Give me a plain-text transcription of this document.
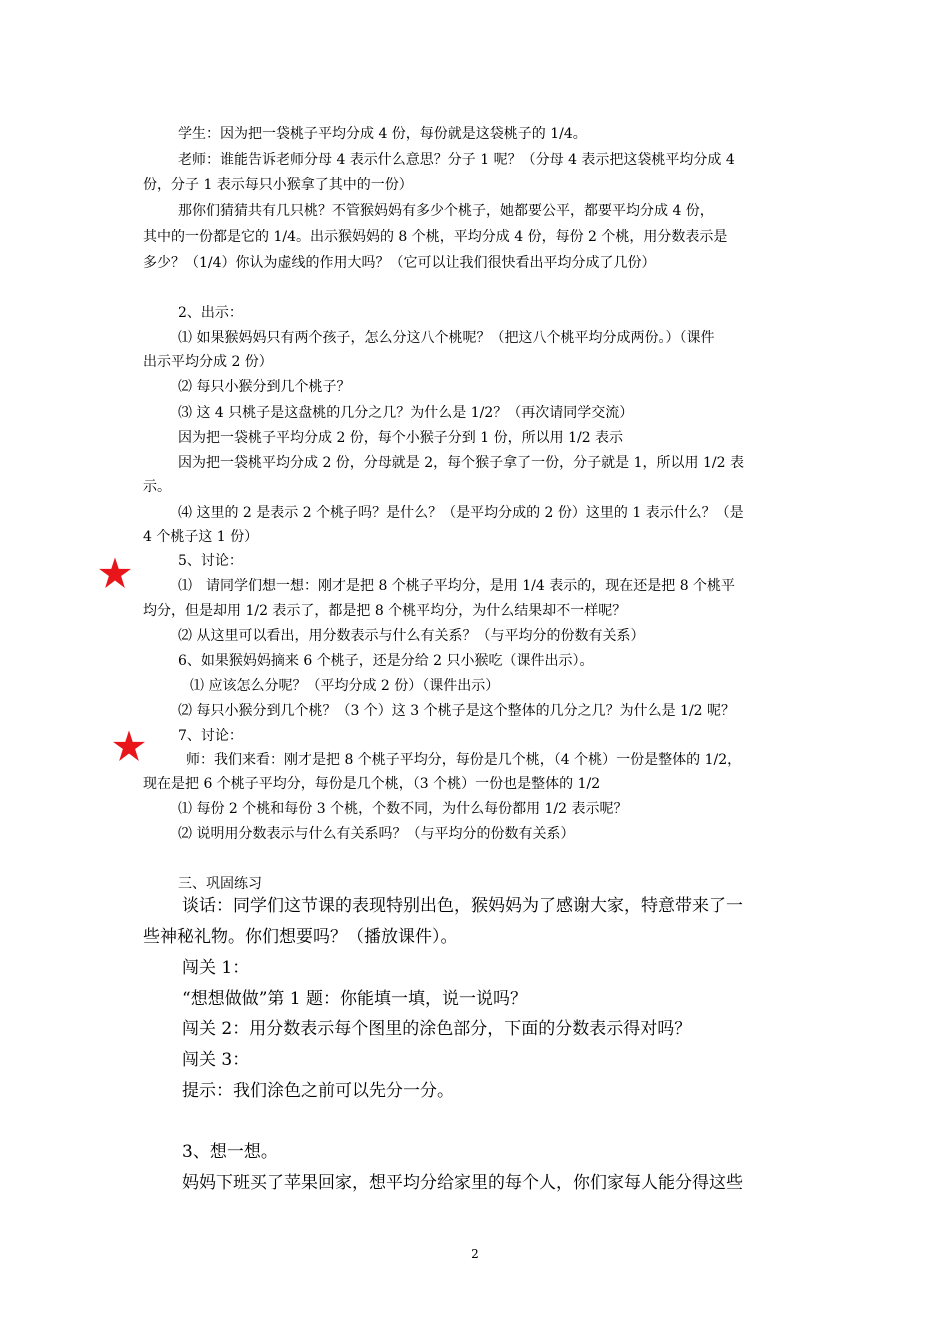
学生：因为把一袋桃子平均分成 4 份，每份就是这袋桃子的 1/4。
老师：谁能告诉老师分母 4 表示什么意思？分子 1 呢？（分母 4 表示把这袋桃平均分成 4
份，分子 1 表示每只小猴拿了其中的一份）
那你们猜猜共有几只桃？不管猴妈妈有多少个桃子，她都要公平，都要平均分成 4 份，
其中的一份都是它的 1/4。出示猴妈妈的 8 个桃，平均分成 4 份，每份 2 个桃，用分数表示是
多少？（1/4）你认为虚线的作用大吗？（它可以让我们很快看出平均分成了几份）
2、出示：
⑴ 如果猴妈妈只有两个孩子，怎么分这八个桃呢？（把这八个桃平均分成两份。）（课件
出示平均分成 2 份）
⑵ 每只小猴分到几个桃子？
⑶ 这 4 只桃子是这盘桃的几分之几？为什么是 1/2？（再次请同学交流）
因为把一袋桃子平均分成 2 份，每个小猴子分到 1 份，所以用 1/2 表示
因为把一袋桃平均分成 2 份，分母就是 2，每个猴子拿了一份，分子就是 1，所以用 1/2 表
示。
⑷ 这里的 2 是表示 2 个桃子吗？是什么？（是平均分成的 2 份）这里的 1 表示什么？（是
4 个桃子这 1 份）
5、讨论：
⑴　请同学们想一想：刚才是把 8 个桃子平均分，是用 1/4 表示的，现在还是把 8 个桃平
均分，但是却用 1/2 表示了，都是把 8 个桃平均分，为什么结果却不一样呢？
⑵ 从这里可以看出，用分数表示与什么有关系？（与平均分的份数有关系）
6、如果猴妈妈摘来 6 个桃子，还是分给 2 只小猴吃（课件出示）。
⑴ 应该怎么分呢？（平均分成 2 份）（课件出示）
⑵ 每只小猴分到几个桃？（3 个）这 3 个桃子是这个整体的几分之几？为什么是 1/2 呢？
7、讨论：
师：我们来看：刚才是把 8 个桃子平均分，每份是几个桃，（4 个桃）一份是整体的 1/2，
现在是把 6 个桃子平均分，每份是几个桃，（3 个桃）一份也是整体的 1/2
⑴ 每份 2 个桃和每份 3 个桃，个数不同，为什么每份都用 1/2 表示呢？
⑵ 说明用分数表示与什么有关系吗？（与平均分的份数有关系）
三、巩固练习
谈话：同学们这节课的表现特别出色，猴妈妈为了感谢大家，特意带来了一
些神秘礼物。你们想要吗？（播放课件）。
闯关 1：
“想想做做”第 1 题：你能填一填，说一说吗？
闯关 2：用分数表示每个图里的涂色部分，下面的分数表示得对吗？
闯关 3：
提示：我们涂色之前可以先分一分。
3、想一想。
妈妈下班买了苹果回家，想平均分给家里的每个人，你们家每人能分得这些
2
